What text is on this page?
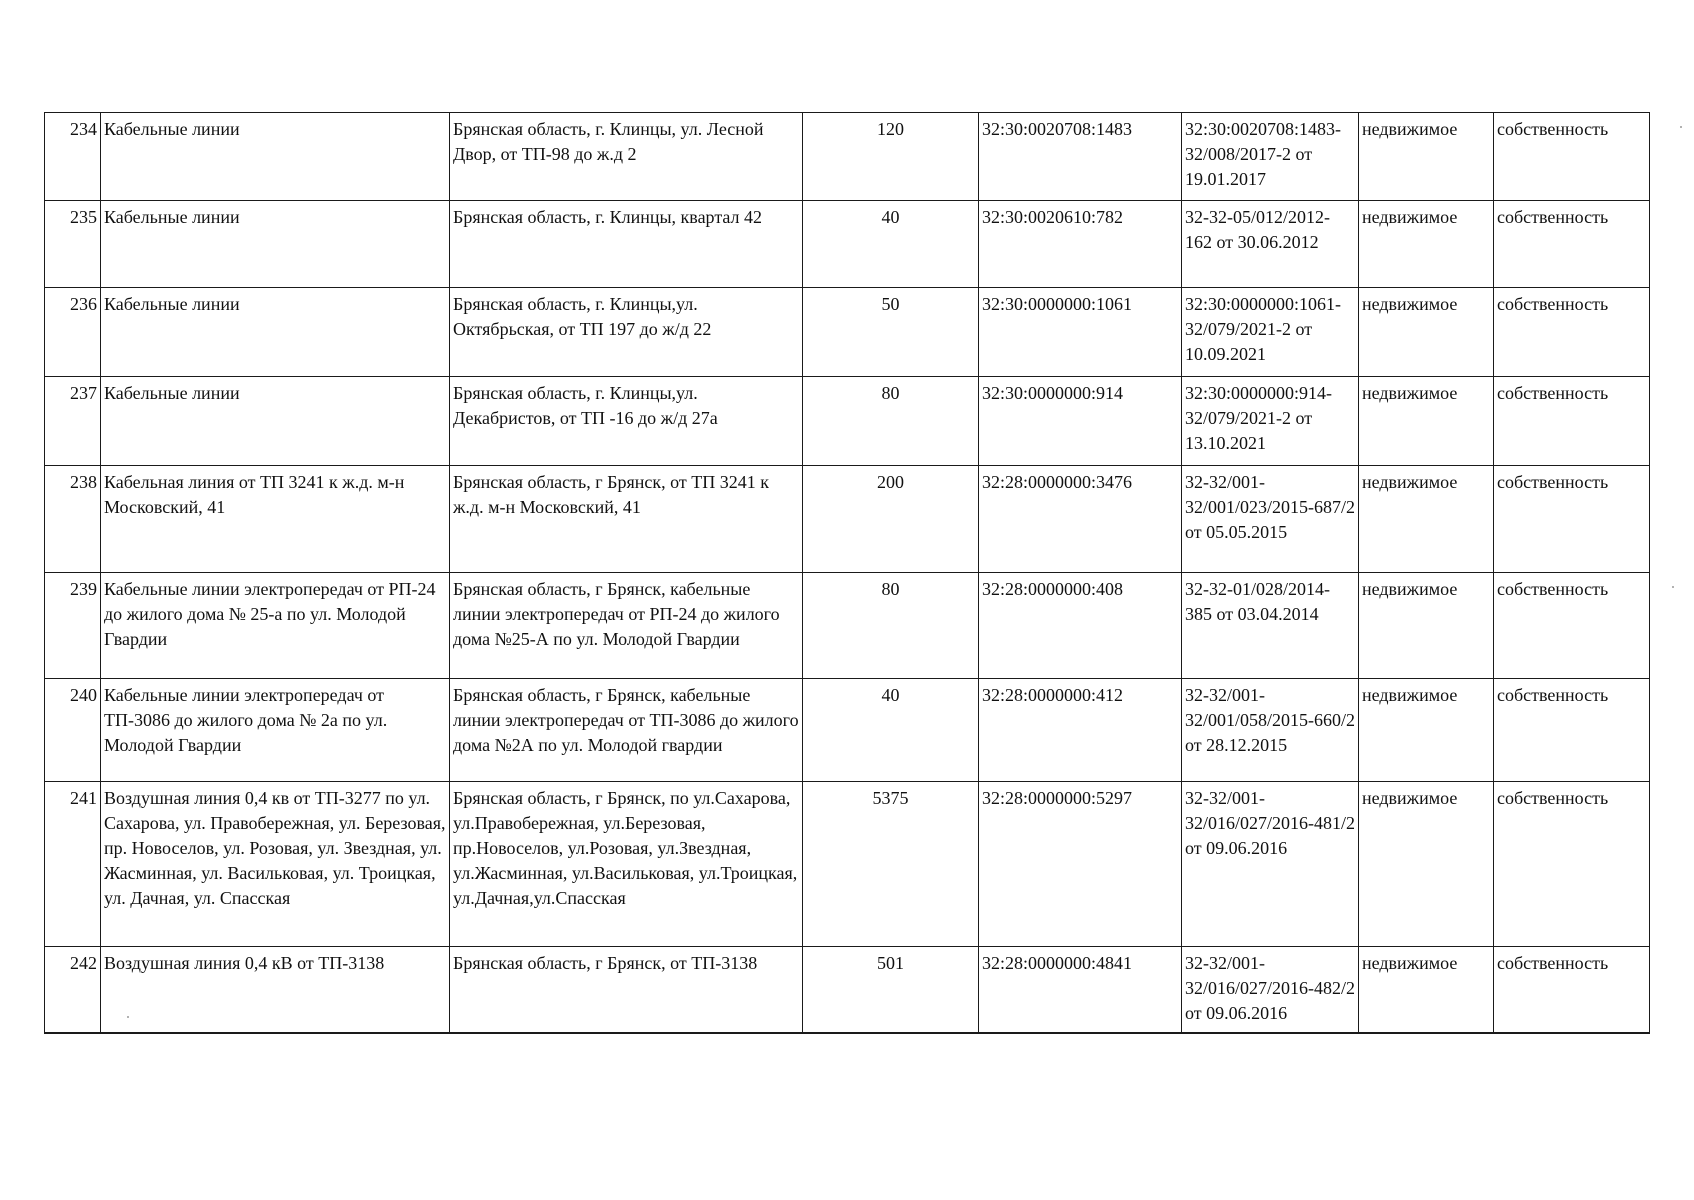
234	Кабельные линии	Брянская область, г. Клинцы, ул. Лесной Двор, от ТП-98 до ж.д 2	120	32:30:0020708:1483	32:30:0020708:1483-32/008/2017-2 от 19.01.2017	недвижимое	собственность
235	Кабельные линии	Брянская область, г. Клинцы, квартал 42	40	32:30:0020610:782	32-32-05/012/2012-162 от 30.06.2012	недвижимое	собственность
236	Кабельные линии	Брянская область, г. Клинцы,ул. Октябрьская, от ТП 197 до ж/д 22	50	32:30:0000000:1061	32:30:0000000:1061-32/079/2021-2 от 10.09.2021	недвижимое	собственность
237	Кабельные линии	Брянская область, г. Клинцы,ул. Декабристов, от ТП -16 до ж/д 27а	80	32:30:0000000:914	32:30:0000000:914-32/079/2021-2 от 13.10.2021	недвижимое	собственность
238	Кабельная линия от ТП 3241 к ж.д. м-н Московский, 41	Брянская область, г Брянск, от ТП 3241 к ж.д. м-н Московский, 41	200	32:28:0000000:3476	32-32/001-32/001/023/2015-687/2 от 05.05.2015	недвижимое	собственность
239	Кабельные линии электропередач от РП-24 до жилого дома № 25-а по ул. Молодой Гвардии	Брянская область, г Брянск, кабельные линии электропередач от РП-24 до жилого дома №25-А по ул. Молодой Гвардии	80	32:28:0000000:408	32-32-01/028/2014-385 от 03.04.2014	недвижимое	собственность
240	Кабельные линии электропередач от ТП-3086 до жилого дома № 2а по ул. Молодой Гвардии	Брянская область, г Брянск, кабельные линии электропередач от ТП-3086 до жилого дома №2А по ул. Молодой гвардии	40	32:28:0000000:412	32-32/001-32/001/058/2015-660/2 от 28.12.2015	недвижимое	собственность
241	Воздушная линия 0,4 кв от ТП-3277 по ул. Сахарова, ул. Правобережная, ул. Березовая, пр. Новоселов, ул. Розовая, ул. Звездная, ул. Жасминная, ул. Васильковая, ул. Троицкая, ул. Дачная, ул. Спасская	Брянская область, г Брянск, по ул.Сахарова, ул.Правобережная, ул.Березовая, пр.Новоселов, ул.Розовая, ул.Звездная, ул.Жасминная, ул.Васильковая, ул.Троицкая, ул.Дачная,ул.Спасская	5375	32:28:0000000:5297	32-32/001-32/016/027/2016-481/2 от 09.06.2016	недвижимое	собственность
242	Воздушная линия 0,4 кВ от ТП-3138	Брянская область, г Брянск, от ТП-3138	501	32:28:0000000:4841	32-32/001-32/016/027/2016-482/2 от 09.06.2016	недвижимое	собственность
